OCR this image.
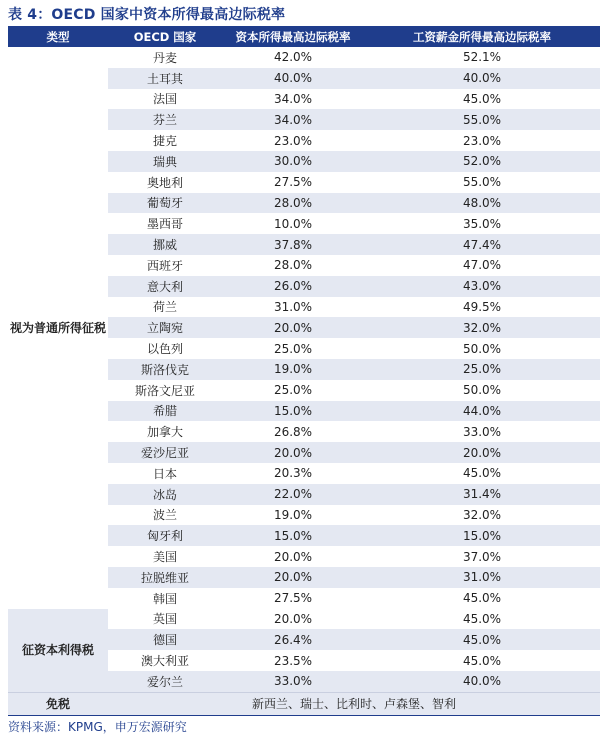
表 4：OECD 国家中资本所得最高边际税率
类型	OECD 国家	资本所得最高边际税率	工资薪金所得最高边际税率
视为普通所得征税	丹麦	42.0%	52.1%
	土耳其	40.0%	40.0%
	法国	34.0%	45.0%
	芬兰	34.0%	55.0%
	捷克	23.0%	23.0%
	瑞典	30.0%	52.0%
	奥地利	27.5%	55.0%
	葡萄牙	28.0%	48.0%
	墨西哥	10.0%	35.0%
	挪威	37.8%	47.4%
	西班牙	28.0%	47.0%
	意大利	26.0%	43.0%
	荷兰	31.0%	49.5%
	立陶宛	20.0%	32.0%
	以色列	25.0%	50.0%
	斯洛伐克	19.0%	25.0%
	斯洛文尼亚	25.0%	50.0%
	希腊	15.0%	44.0%
	加拿大	26.8%	33.0%
	爱沙尼亚	20.0%	20.0%
	日本	20.3%	45.0%
	冰岛	22.0%	31.4%
	波兰	19.0%	32.0%
	匈牙利	15.0%	15.0%
	美国	20.0%	37.0%
	拉脱维亚	20.0%	31.0%
	韩国	27.5%	45.0%
征资本利得税	英国	20.0%	45.0%
	德国	26.4%	45.0%
	澳大利亚	23.5%	45.0%
	爱尔兰	33.0%	40.0%
免税	新西兰、瑞士、比利时、卢森堡、智利		
资料来源：KPMG，申万宏源研究
